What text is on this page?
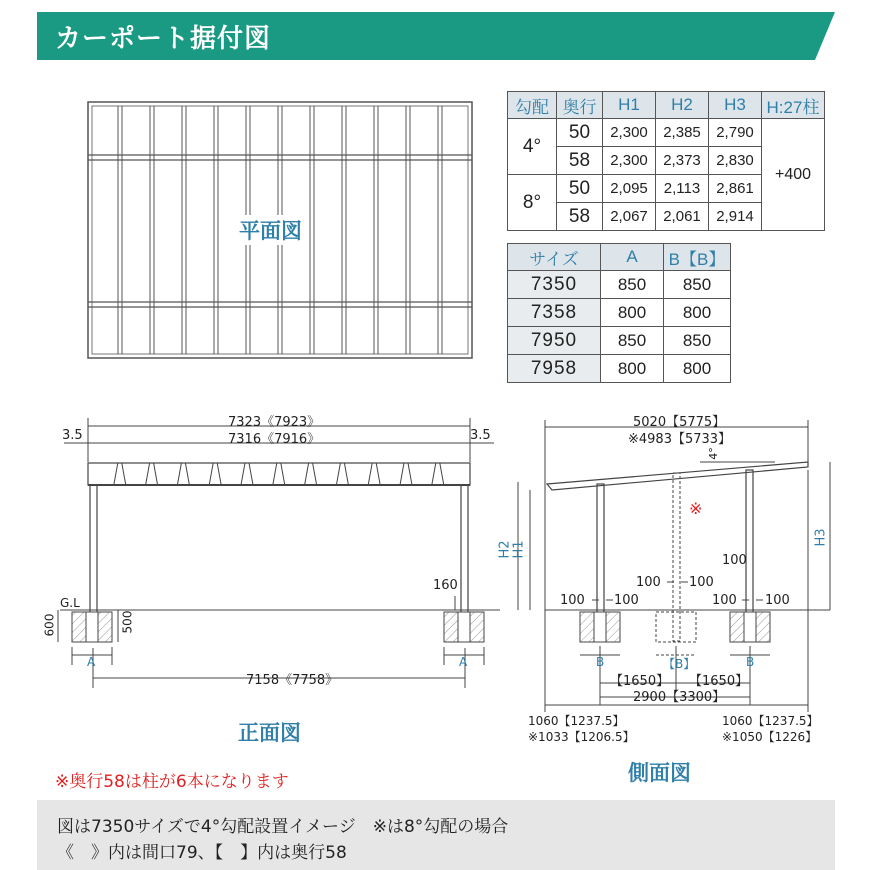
カーポート据付図
平面図
勾配	奥行	H1	H2	H3	H:27柱
4°	50	2,300	2,385	2,790	+400
	58	2,300	2,373	2,830	
8°	50	2,095	2,113	2,861	
	58	2,067	2,061	2,914	
サイズ	A	B【B】
7350	850	850
7358	800	800
7950	850	850
7958	800	800
7323《7923》
7316《7916》
3.5	3.5
G.L
600	500
160
A	A
7158《7758》
H2 H1
正面図
5020【5775】
※4983【5733】
4°
※
H3
100
100 100
100 100	100 100
B	【B】	B
【1650】 【1650】
2900【3300】
1060【1237.5】
※1033【1206.5】
1060【1237.5】
※1050【1226】
側面図
※奥行58は柱が6本になります
図は7350サイズで4°勾配設置イメージ　※は8°勾配の場合
《　》内は間口79、【　】内は奥行58
